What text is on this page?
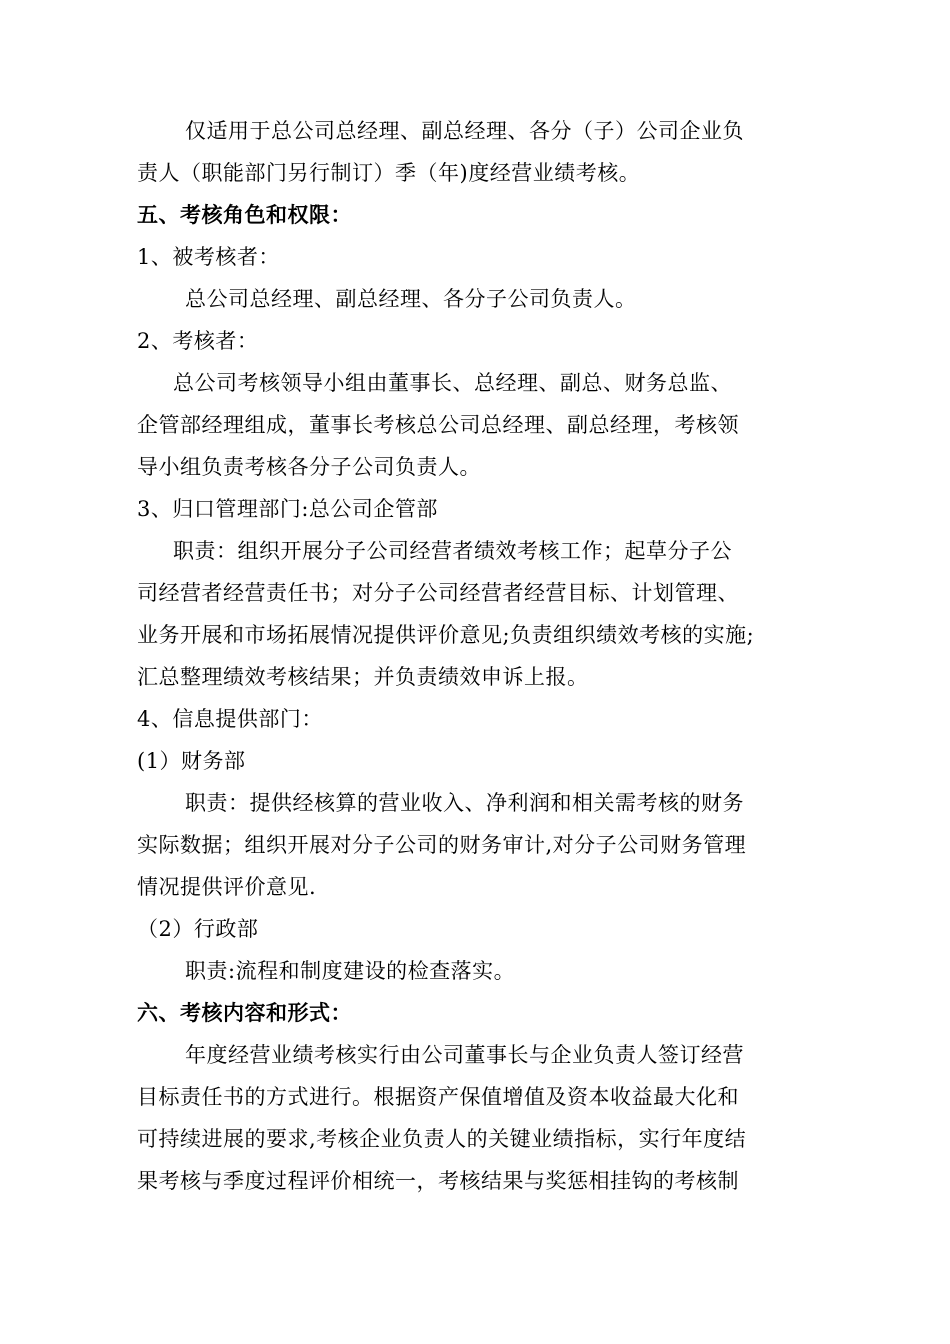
仅适用于总公司总经理、副总经理、各分（子）公司企业负
责人（职能部门另行制订）季（年)度经营业绩考核。
五、考核角色和权限：
1、被考核者：
总公司总经理、副总经理、各分子公司负责人。
2、考核者：
总公司考核领导小组由董事长、总经理、副总、财务总监、
企管部经理组成，董事长考核总公司总经理、副总经理，考核领
导小组负责考核各分子公司负责人。
3、归口管理部门:总公司企管部
职责：组织开展分子公司经营者绩效考核工作；起草分子公
司经营者经营责任书；对分子公司经营者经营目标、计划管理、
业务开展和市场拓展情况提供评价意见;负责组织绩效考核的实施;
汇总整理绩效考核结果；并负责绩效申诉上报。
4、信息提供部门：
(1）财务部
职责：提供经核算的营业收入、净利润和相关需考核的财务
实际数据；组织开展对分子公司的财务审计,对分子公司财务管理
情况提供评价意见.
（2）行政部
职责:流程和制度建设的检查落实。
六、考核内容和形式：
年度经营业绩考核实行由公司董事长与企业负责人签订经营
目标责任书的方式进行。根据资产保值增值及资本收益最大化和
可持续进展的要求,考核企业负责人的关键业绩指标，实行年度结
果考核与季度过程评价相统一，考核结果与奖惩相挂钩的考核制
